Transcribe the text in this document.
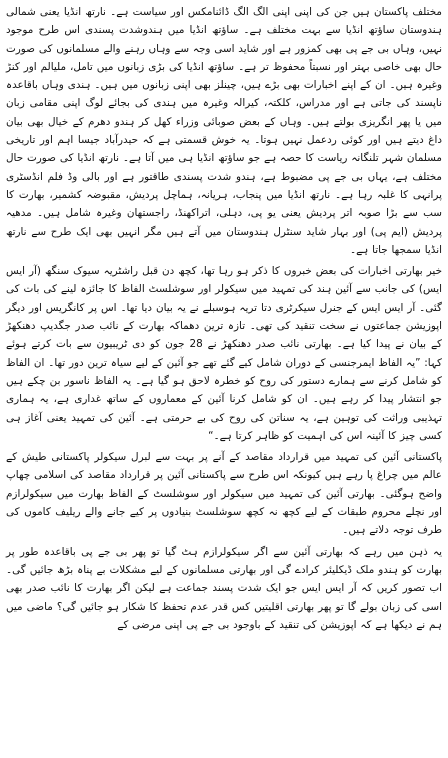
مختلف پاکستان ہیں جن کی اپنی اپنی الگ الگ ڈائنامکس اور سیاست ہے۔ نارتھ انڈیا یعنی شمالی ہندوستان ساؤتھ انڈیا سے بہت مختلف ہے۔ ساؤتھ انڈیا میں ہندوشدت پسندی اس طرح موجود نہیں، وہاں بی جے پی بھی کمزور ہے اور شاید اسی وجہ سے وہاں رہنے والے مسلمانوں کی صورت حال بھی خاصی بہتر اور نسبتاً محفوظ تر ہے۔ ساؤتھ انڈیا کی بڑی زبانوں میں تامل، ملیالم اور کنڑ وغیرہ ہیں۔ ان کے اپنے اخبارات بھی بڑے ہیں، چینلز بھی اپنی زبانوں میں ہیں۔ ہندی وہاں باقاعدہ ناپسند کی جاتی ہے اور مدراس، کلکتہ، کیرالہ وغیرہ میں ہندی کی بجائے لوگ اپنی مقامی زبان میں یا پھر انگریزی بولتے ہیں۔ وہاں کے بعض صوبائی وزراء کھل کر ہندو دھرم کے خیال بھی بیان داغ دیتے ہیں اور کوئی ردعمل نہیں ہوتا۔ یہ خوش قسمتی ہے کہ حیدرآباد جیسا اہم اور تاریخی مسلمان شہر تلنگانہ ریاست کا حصہ ہے جو ساؤتھ انڈیا ہی میں آتا ہے۔ نارتھ انڈیا کی صورت حال مختلف ہے، یہاں بی جے پی مضبوط ہے، ہندو شدت پسندی طاقتور ہے اور بالی وڈ فلم انڈسٹری پرانہی کا غلبہ رہا ہے۔ نارتھ انڈیا میں پنجاب، ہریانہ، ہماچل پردیش، مقبوضہ کشمیر، بھارت کا سب سے بڑا صوبہ اتر پردیش یعنی یو پی، دہلی، اتراکھنڈ، راجستھان وغیرہ شامل ہیں۔ مدھیہ پردیش (ایم پی) اور بہار شاید سنٹرل ہندوستان میں آتے ہیں مگر انہیں بھی ایک طرح سے نارتھ انڈیا سمجھا جاتا ہے۔

خیر بھارتی اخبارات کی بعض خبروں کا ذکر ہو رہا تھا، کچھ دن قبل راشٹریہ سیوک سنگھ (آر ایس ایس) کی جانب سے آئین ہند کی تمہید میں سیکولر اور سوشلسٹ الفاظ کا جائزہ لینے کی بات کی گئی۔ آر ایس ایس کے جنرل سیکرٹری دتا تریہ ہوسبلے نے یہ بیان دیا تھا۔ اس پر کانگریس اور دیگر اپوزیشن جماعتوں نے سخت تنقید کی تھی۔ تازہ ترین دھماکہ بھارت کے نائب صدر جگدیپ دھنکھڑ کے بیان نے پیدا کیا ہے۔ بھارتی نائب صدر دھنکھڑ نے 28 جون کو دی ٹریبیون سے بات کرتے ہوئے کہا: ”یہ الفاظ ایمرجنسی کے دوران شامل کیے گئے تھے جو آئین کے لیے سیاہ ترین دور تھا۔ ان الفاظ کو شامل کرنے سے ہمارے دستور کی روح کو خطرہ لاحق ہو گیا ہے۔ یہ الفاظ ناسور بن چکے ہیں جو انتشار پیدا کر رہے ہیں۔ ان کو شامل کرنا آئین کے معماروں کے ساتھ غداری ہے، یہ ہماری تہذیبی وراثت کی توہین ہے، یہ سناتن کی روح کی بے حرمتی ہے۔ آئین کی تمہید یعنی آغاز ہی کسی چیز کا آئینہ اس کی اہمیت کو ظاہر کرتا ہے۔“

پاکستانی آئین کی تمہید میں قرارداد مقاصد کے آنے پر بہت سے لبرل سیکولر پاکستانی طیش کے عالم میں چراغ پا رہے ہیں کیونکہ اس طرح سے پاکستانی آئین پر قرارداد مقاصد کی اسلامی چھاپ واضح ہوگئی۔ بھارتی آئین کی تمہید میں سیکولر اور سوشلسٹ کے الفاظ بھارت میں سیکولرازم اور نچلے محروم طبقات کے لیے کچھ نہ کچھ سوشلسٹ بنیادوں پر کیے جانے والے ریلیف کاموں کی طرف توجہ دلاتے ہیں۔

یہ ذہن میں رہے کہ بھارتی آئین سے اگر سیکولرازم ہٹ گیا تو پھر بی جے پی باقاعدہ طور پر بھارت کو ہندو ملک ڈیکلیئر کرادے گی اور بھارتی مسلمانوں کے لیے مشکلات بے پناہ بڑھ جائیں گی۔ اب تصور کریں کہ آر ایس ایس جو ایک شدت پسند جماعت ہے لیکن اگر بھارت کا نائب صدر بھی اسی کی زبان بولے گا تو پھر بھارتی اقلیتیں کس قدر عدم تحفظ کا شکار ہو جائیں گی؟ ماضی میں ہم نے دیکھا ہے کہ اپوزیشن کی تنقید کے باوجود بی جے پی اپنی مرضی کے
